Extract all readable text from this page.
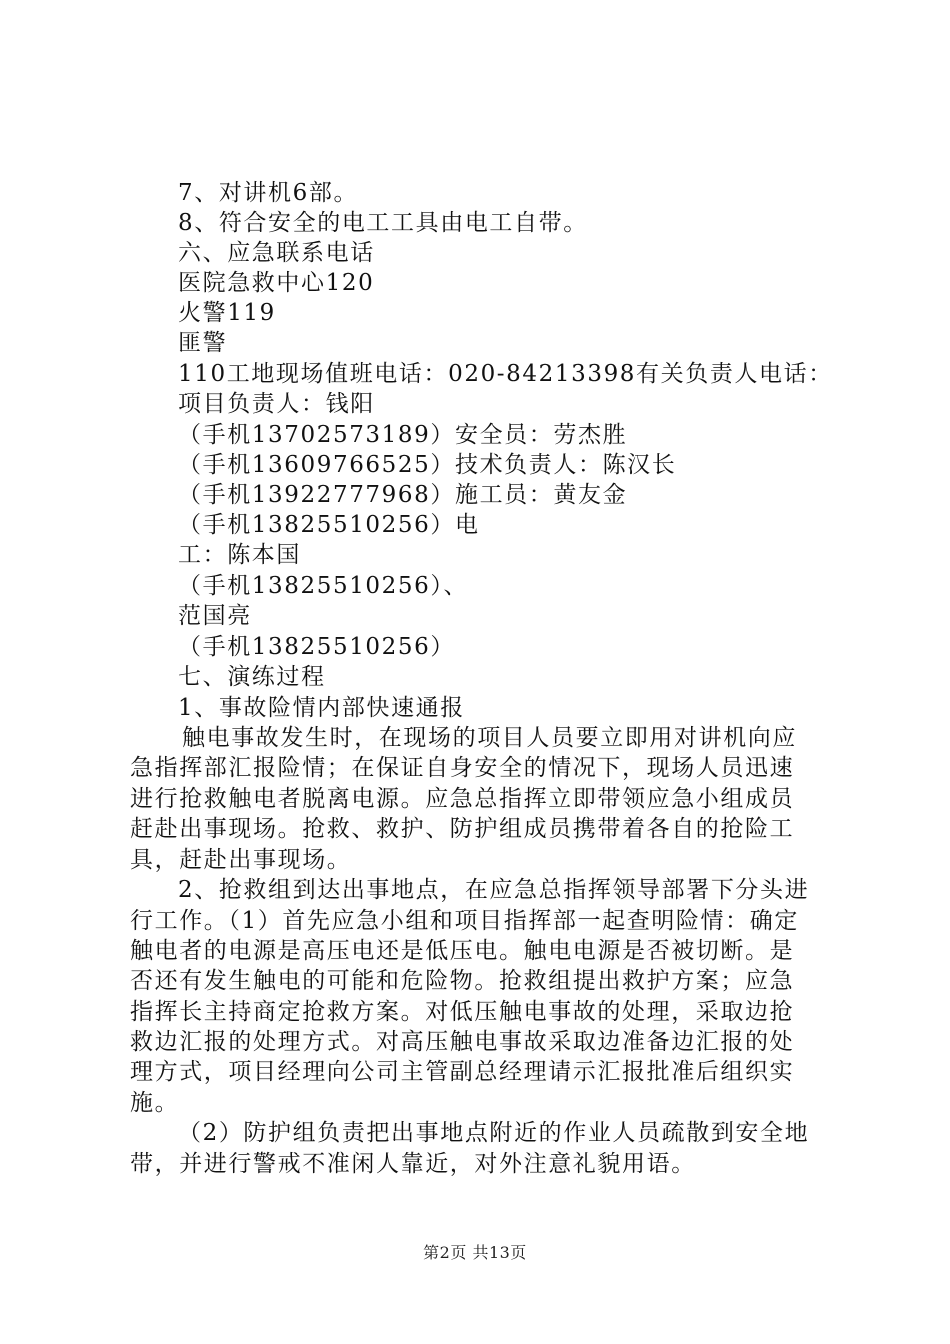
7、对讲机6部。
8、符合安全的电工工具由电工自带。
六、应急联系电话
医院急救中心120
火警119
匪警
110工地现场值班电话：020-84213398有关负责人电话：
项目负责人：钱阳
（手机13702573189）安全员：劳杰胜
（手机13609766525）技术负责人：陈汉长
（手机13922777968）施工员：黄友金
（手机13825510256）电
工：陈本国
（手机13825510256）、
范国亮
（手机13825510256）
七、演练过程
1、事故险情内部快速通报
触电事故发生时，在现场的项目人员要立即用对讲机向应
急指挥部汇报险情；在保证自身安全的情况下，现场人员迅速
进行抢救触电者脱离电源。应急总指挥立即带领应急小组成员
赶赴出事现场。抢救、救护、防护组成员携带着各自的抢险工
具，赶赴出事现场。
2、抢救组到达出事地点，在应急总指挥领导部署下分头进
行工作。（1）首先应急小组和项目指挥部一起查明险情：确定
触电者的电源是高压电还是低压电。触电电源是否被切断。是
否还有发生触电的可能和危险物。抢救组提出救护方案；应急
指挥长主持商定抢救方案。对低压触电事故的处理，采取边抢
救边汇报的处理方式。对高压触电事故采取边准备边汇报的处
理方式，项目经理向公司主管副总经理请示汇报批准后组织实
施。
（2）防护组负责把出事地点附近的作业人员疏散到安全地
带，并进行警戒不准闲人靠近，对外注意礼貌用语。
第2页 共13页
